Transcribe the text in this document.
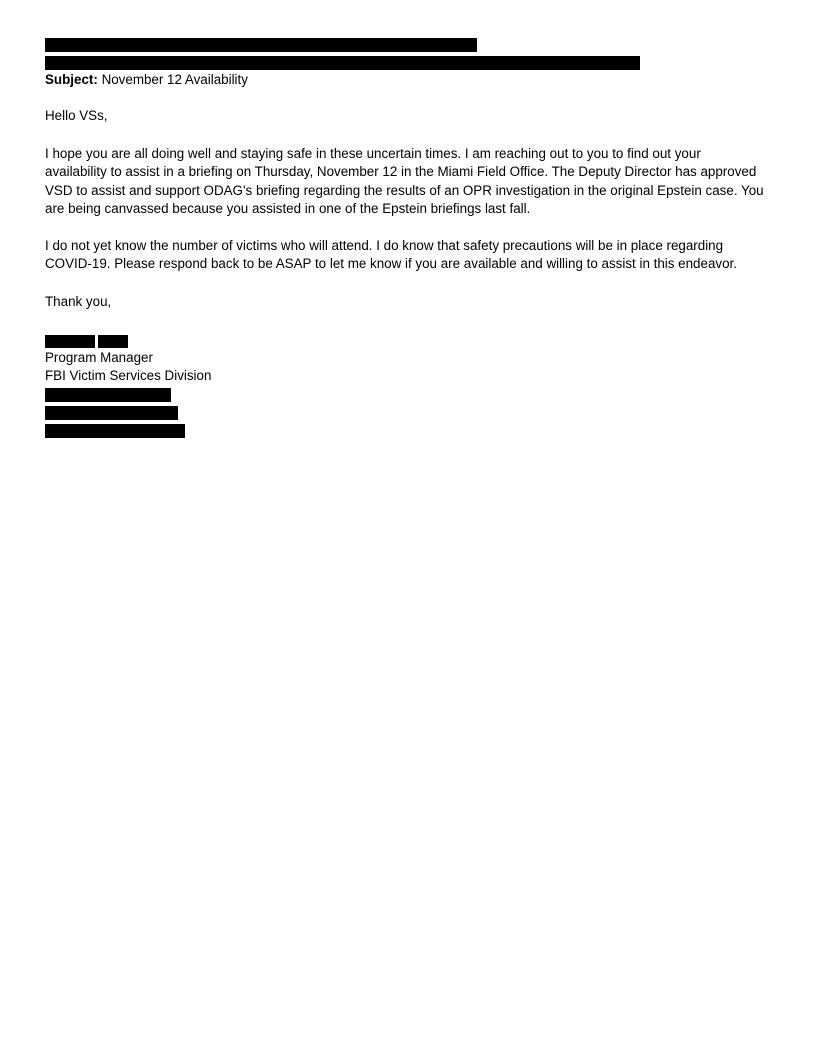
Subject: November 12 Availability
Hello VSs,
I hope you are all doing well and staying safe in these uncertain times. I am reaching out to you to find out your
availability to assist in a briefing on Thursday, November 12 in the Miami Field Office. The Deputy Director has approved
VSD to assist and support ODAG's briefing regarding the results of an OPR investigation in the original Epstein case. You
are being canvassed because you assisted in one of the Epstein briefings last fall.
I do not yet know the number of victims who will attend. I do know that safety precautions will be in place regarding
COVID-19. Please respond back to be ASAP to let me know if you are available and willing to assist in this endeavor.
Thank you,
Program Manager
FBI Victim Services Division
